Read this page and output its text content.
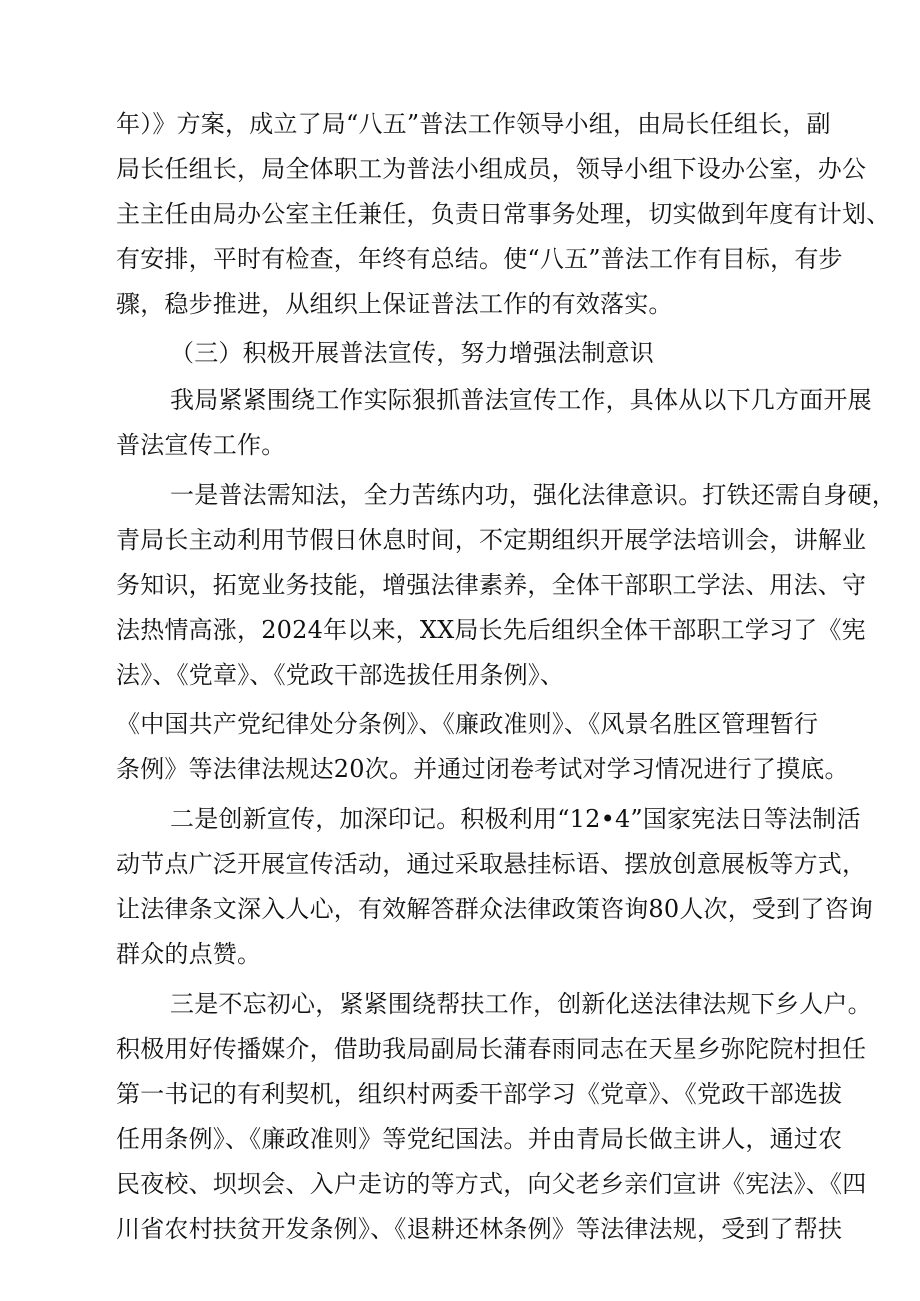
年）》方案，成立了局“八五”普法工作领导小组，由局长任组长，副
局长任组长，局全体职工为普法小组成员，领导小组下设办公室，办公
主主任由局办公室主任兼任，负责日常事务处理，切实做到年度有计划、
有安排，平时有检查，年终有总结。使“八五”普法工作有目标，有步
骤，稳步推进，从组织上保证普法工作的有效落实。
（三）积极开展普法宣传，努力增强法制意识
我局紧紧围绕工作实际狠抓普法宣传工作，具体从以下几方面开展
普法宣传工作。
一是普法需知法，全力苦练内功，强化法律意识。打铁还需自身硬，
青局长主动利用节假日休息时间，不定期组织开展学法培训会，讲解业
务知识，拓宽业务技能，增强法律素养，全体干部职工学法、用法、守
法热情高涨，2024年以来，XX局长先后组织全体干部职工学习了《宪
法》、《党章》、《党政干部选拔任用条例》、
《中国共产党纪律处分条例》、《廉政准则》、《风景名胜区管理暂行
条例》等法律法规达20次。并通过闭卷考试对学习情况进行了摸底。
二是创新宣传，加深印记。积极利用“12•4”国家宪法日等法制活
动节点广泛开展宣传活动，通过采取悬挂标语、摆放创意展板等方式，
让法律条文深入人心，有效解答群众法律政策咨询80人次，受到了咨询
群众的点赞。
三是不忘初心，紧紧围绕帮扶工作，创新化送法律法规下乡人户。
积极用好传播媒介，借助我局副局长蒲春雨同志在天星乡弥陀院村担任
第一书记的有利契机，组织村两委干部学习《党章》、《党政干部选拔
任用条例》、《廉政准则》等党纪国法。并由青局长做主讲人，通过农
民夜校、坝坝会、入户走访的等方式，向父老乡亲们宣讲《宪法》、《四
川省农村扶贫开发条例》、《退耕还林条例》等法律法规，受到了帮扶
